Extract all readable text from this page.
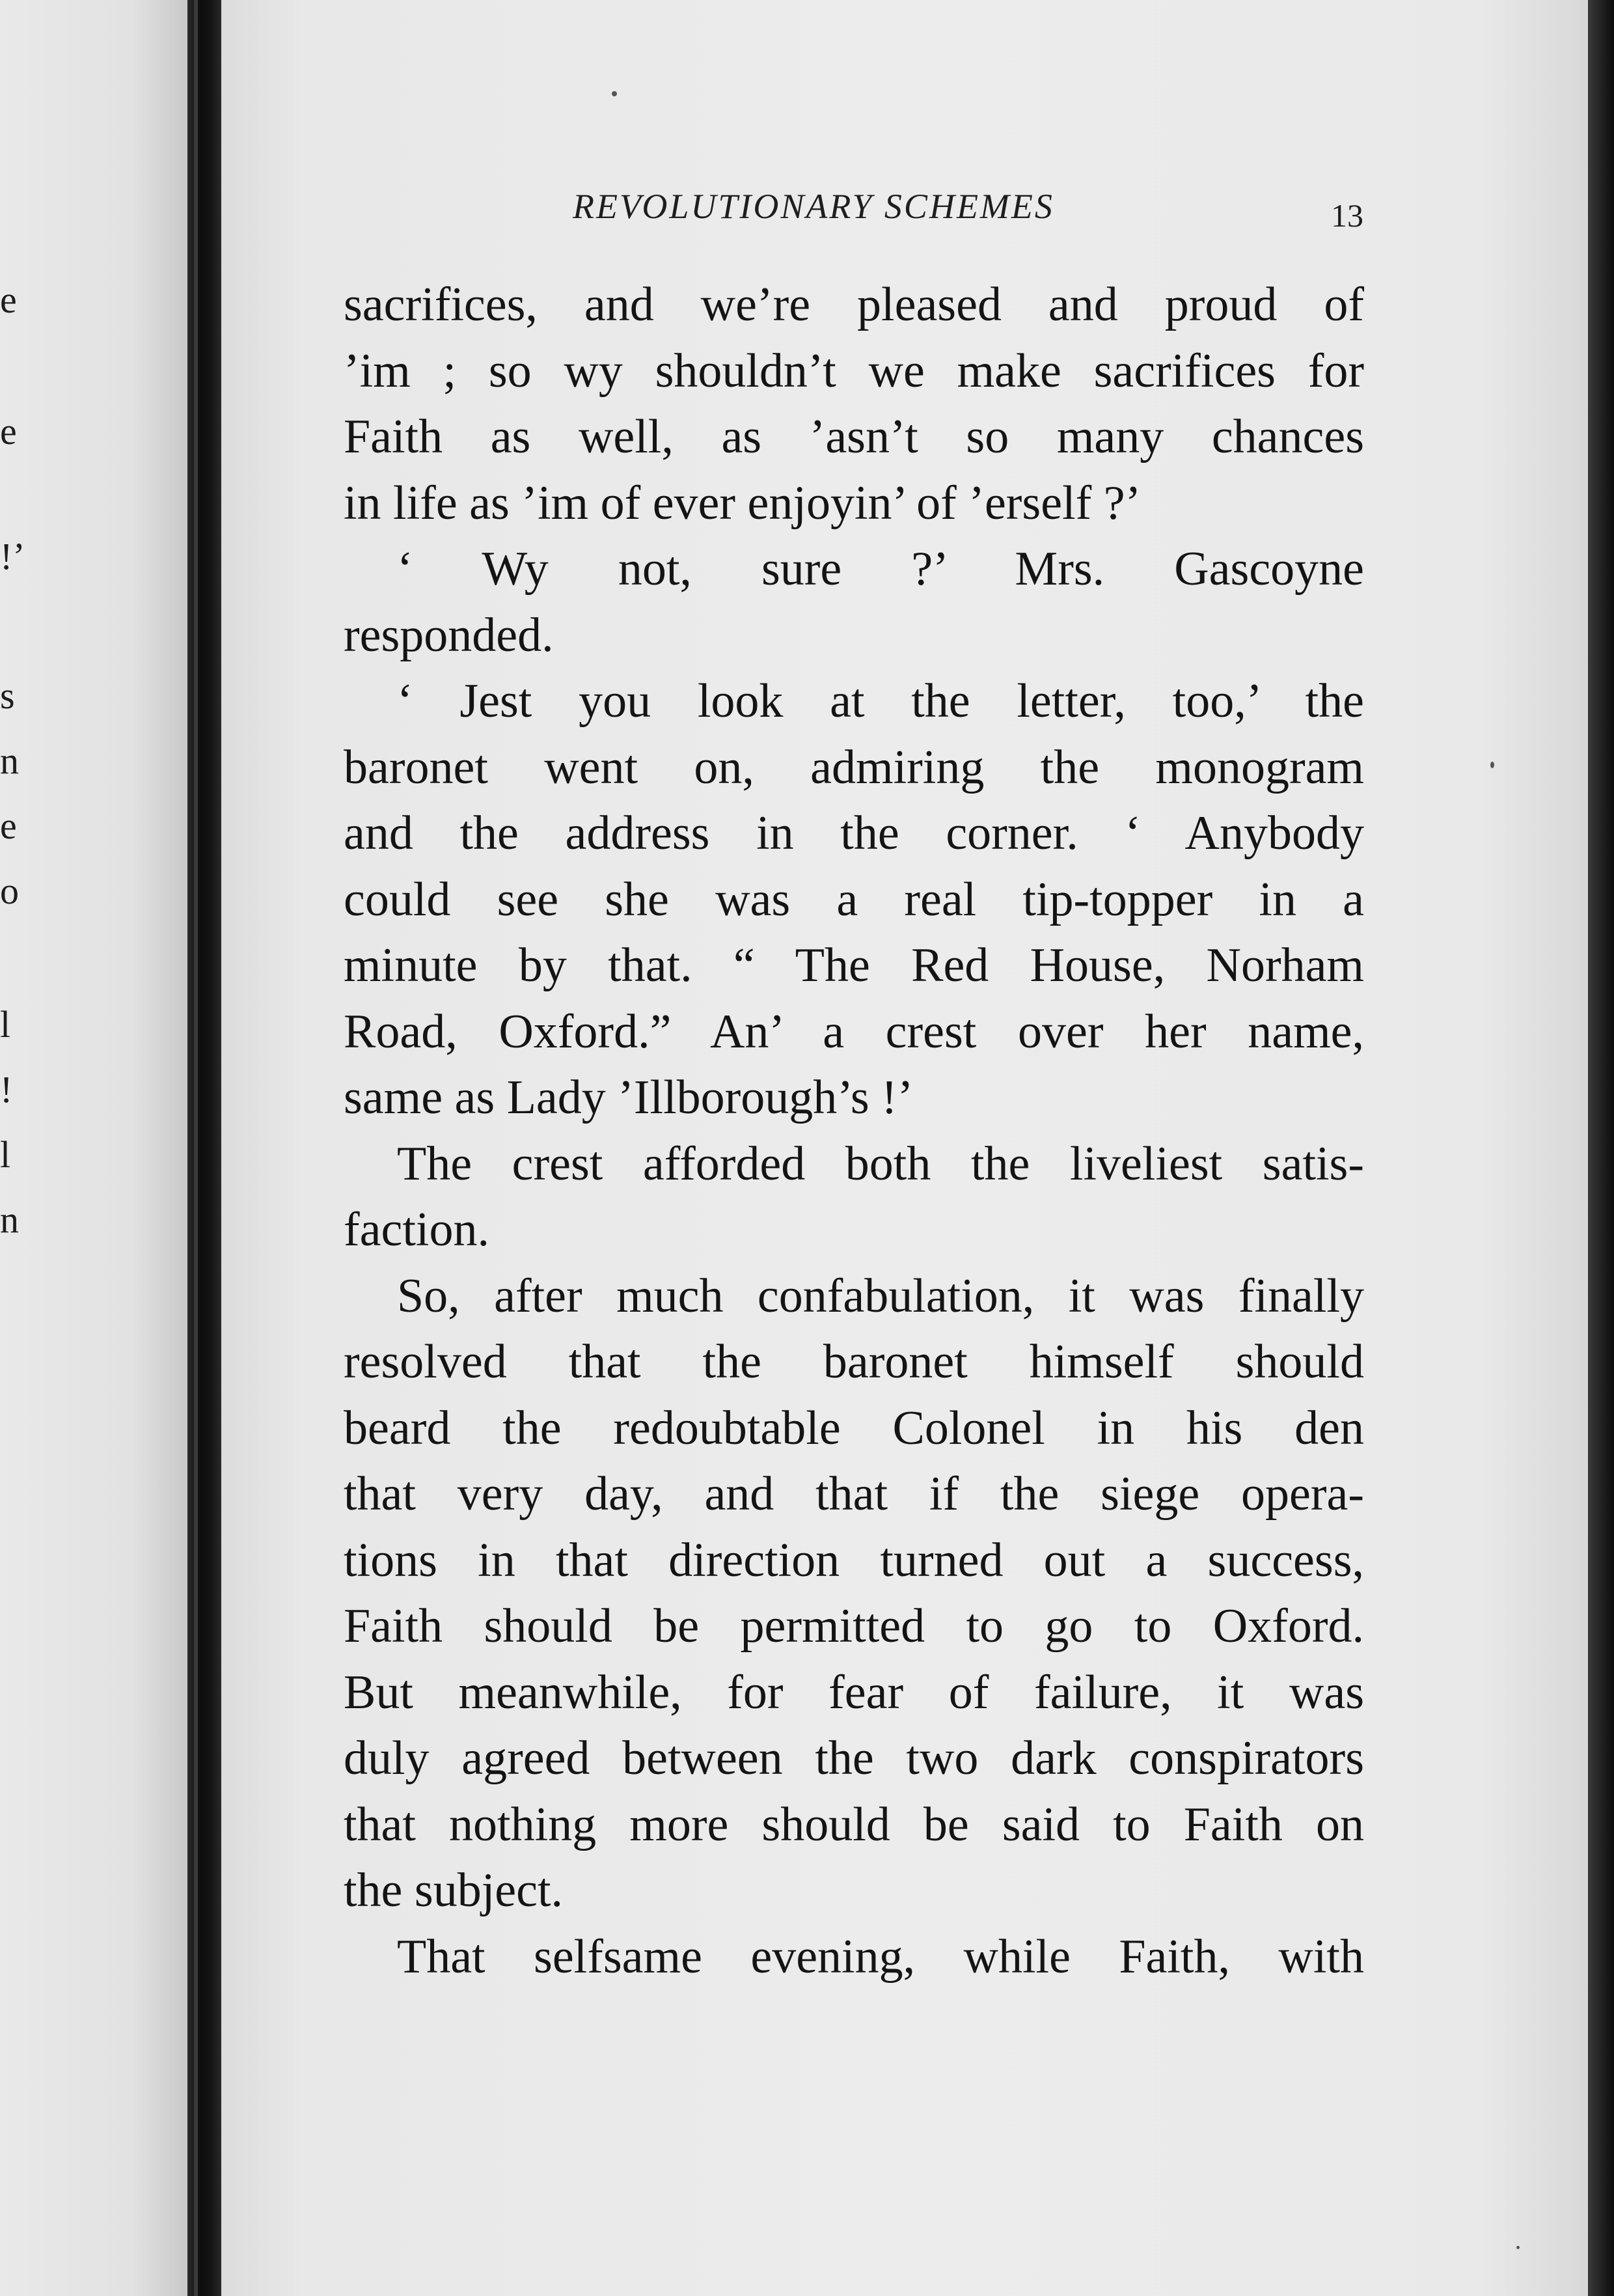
e
e
!’
s
n
e
o
l
!
l
n
REVOLUTIONARY SCHEMES	13
sacrifices, and we’re pleased and proud of
’im ; so wy shouldn’t we make sacrifices for
Faith as well, as ’asn’t so many chances
in life as ’im of ever enjoyin’ of ’erself ?’
‘ Wy not, sure ?’ Mrs. Gascoyne
responded.
‘ Jest you look at the letter, too,’ the
baronet went on, admiring the monogram
and the address in the corner. ‘ Anybody
could see she was a real tip-topper in a
minute by that. “ The Red House, Norham
Road, Oxford.” An’ a crest over her name,
same as Lady ’Illborough’s !’
The crest afforded both the liveliest satis-
faction.
So, after much confabulation, it was finally
resolved that the baronet himself should
beard the redoubtable Colonel in his den
that very day, and that if the siege opera-
tions in that direction turned out a success,
Faith should be permitted to go to Oxford.
But meanwhile, for fear of failure, it was
duly agreed between the two dark conspirators
that nothing more should be said to Faith on
the subject.
That selfsame evening, while Faith, with
